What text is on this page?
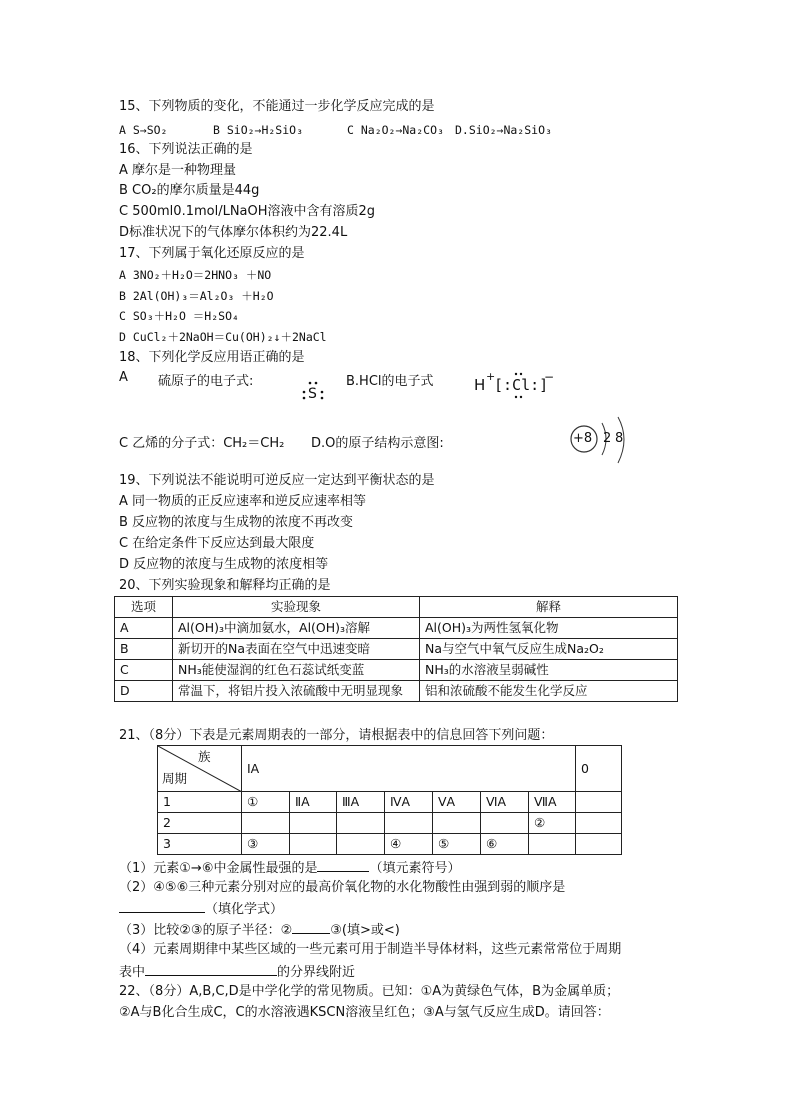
15、下列物质的变化，不能通过一步化学反应完成的是
A S→SO₂	B SiO₂→H₂SiO₃	C Na₂O₂→Na₂CO₃ D.SiO₂→Na₂SiO₃
16、下列说法正确的是
A 摩尔是一种物理量
B CO₂的摩尔质量是44g
C 500ml0.1mol/LNaOH溶液中含有溶质2g
D标准状况下的气体摩尔体积约为22.4L
17、下列属于氧化还原反应的是
A 3NO₂＋H₂O＝2HNO₃ ＋NO
B 2Al(OH)₃＝Al₂O₃ ＋H₂O
C SO₃＋H₂O ＝H₂SO₄
D CuCl₂＋2NaOH＝Cu(OH)₂↓＋2NaCl
18、下列化学反应用语正确的是
A 硫原子的电子式:
S
B.HCl的电子式	H +
[:Cl:]
−
C 乙烯的分子式：CH₂＝CH₂ D.O的原子结构示意图:	+8 2 8
19、下列说法不能说明可逆反应一定达到平衡状态的是
A 同一物质的正反应速率和逆反应速率相等
B 反应物的浓度与生成物的浓度不再改变
C 在给定条件下反应达到最大限度
D 反应物的浓度与生成物的浓度相等
20、下列实验现象和解释均正确的是
选项	实验现象	解释
A	Al(OH)₃中滴加氨水，Al(OH)₃溶解	Al(OH)₃为两性氢氧化物
B	新切开的Na表面在空气中迅速变暗	Na与空气中氧气反应生成Na₂O₂
C	NH₃能使湿润的红色石蕊试纸变蓝	NH₃的水溶液呈弱碱性
D	常温下，将铝片投入浓硫酸中无明显现象	铝和浓硫酸不能发生化学反应
21、（8分）下表是元素周期表的一部分，请根据表中的信息回答下列问题：
族
周期	ⅠA							0
1	①	ⅡA	ⅢA	ⅣA	ⅤA	ⅥA	ⅦA	
2							②	
3	③			④	⑤	⑥		
（1）元素①→⑥中金属性最强的是	（填元素符号）
（2）④⑤⑥三种元素分别对应的最高价氧化物的水化物酸性由强到弱的顺序是
（填化学式）
（3）比较②③的原子半径：②	③(填>或<)
（4）元素周期律中某些区域的一些元素可用于制造半导体材料，这些元素常常位于周期
表中	的分界线附近
22、（8分）A,B,C,D是中学化学的常见物质。已知：①A为黄绿色气体，B为金属单质；
②A与B化合生成C，C的水溶液遇KSCN溶液呈红色；③A与氢气反应生成D。请回答：
